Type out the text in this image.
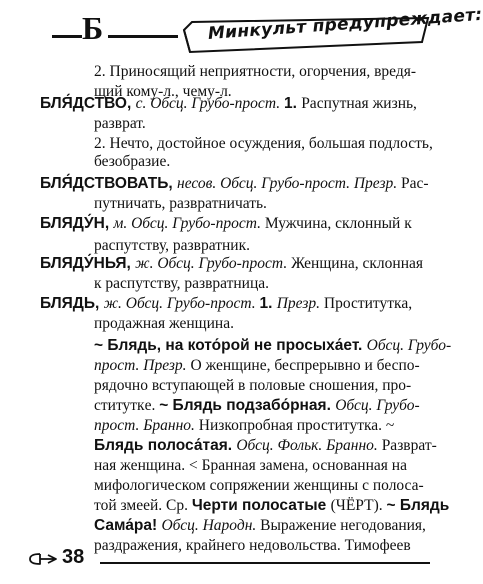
Б	Минкульт предупреждает:
2. Приносящий неприятности, огорчения, вредя-
щий кому-л., чему-л.
БЛЯ́ДСТВО, с. Обсц. Грубо-прост. 1. Распутная жизнь,
разврат.
2. Нечто, достойное осуждения, большая подлость,
безобразие.
БЛЯ́ДСТВОВАТЬ, несов. Обсц. Грубо-прост. Презр. Рас-
путничать, развратничать.
БЛЯДУ́Н, м. Обсц. Грубо-прост. Мужчина, склонный к
распутству, развратник.
БЛЯДУ́НЬЯ, ж. Обсц. Грубо-прост. Женщина, склонная
к распутству, развратница.
БЛЯДЬ, ж. Обсц. Грубо-прост. 1. Презр. Проститутка,
продажная женщина.
~ Блядь, на кото́рой не просыха́ет. Обсц. Грубо-
прост. Презр. О женщине, беспрерывно и беспо-
рядочно вступающей в половые сношения, про-
ституткe. ~ Блядь подзабо́рная. Обсц. Грубо-
прост. Бранно. Низкопробная проститутка. ~
Блядь полоса́тая. Обсц. Фольк. Бранно. Разврат-
ная женщина. < Бранная замена, основанная на
мифологическом сопряжении женщины с полоса-
той змеей. Ср. Черти полосатые (ЧЁРТ). ~ Блядь
Сама́ра! Обсц. Народн. Выражение негодования,
раздражения, крайнего недовольства. Тимофеев
38
